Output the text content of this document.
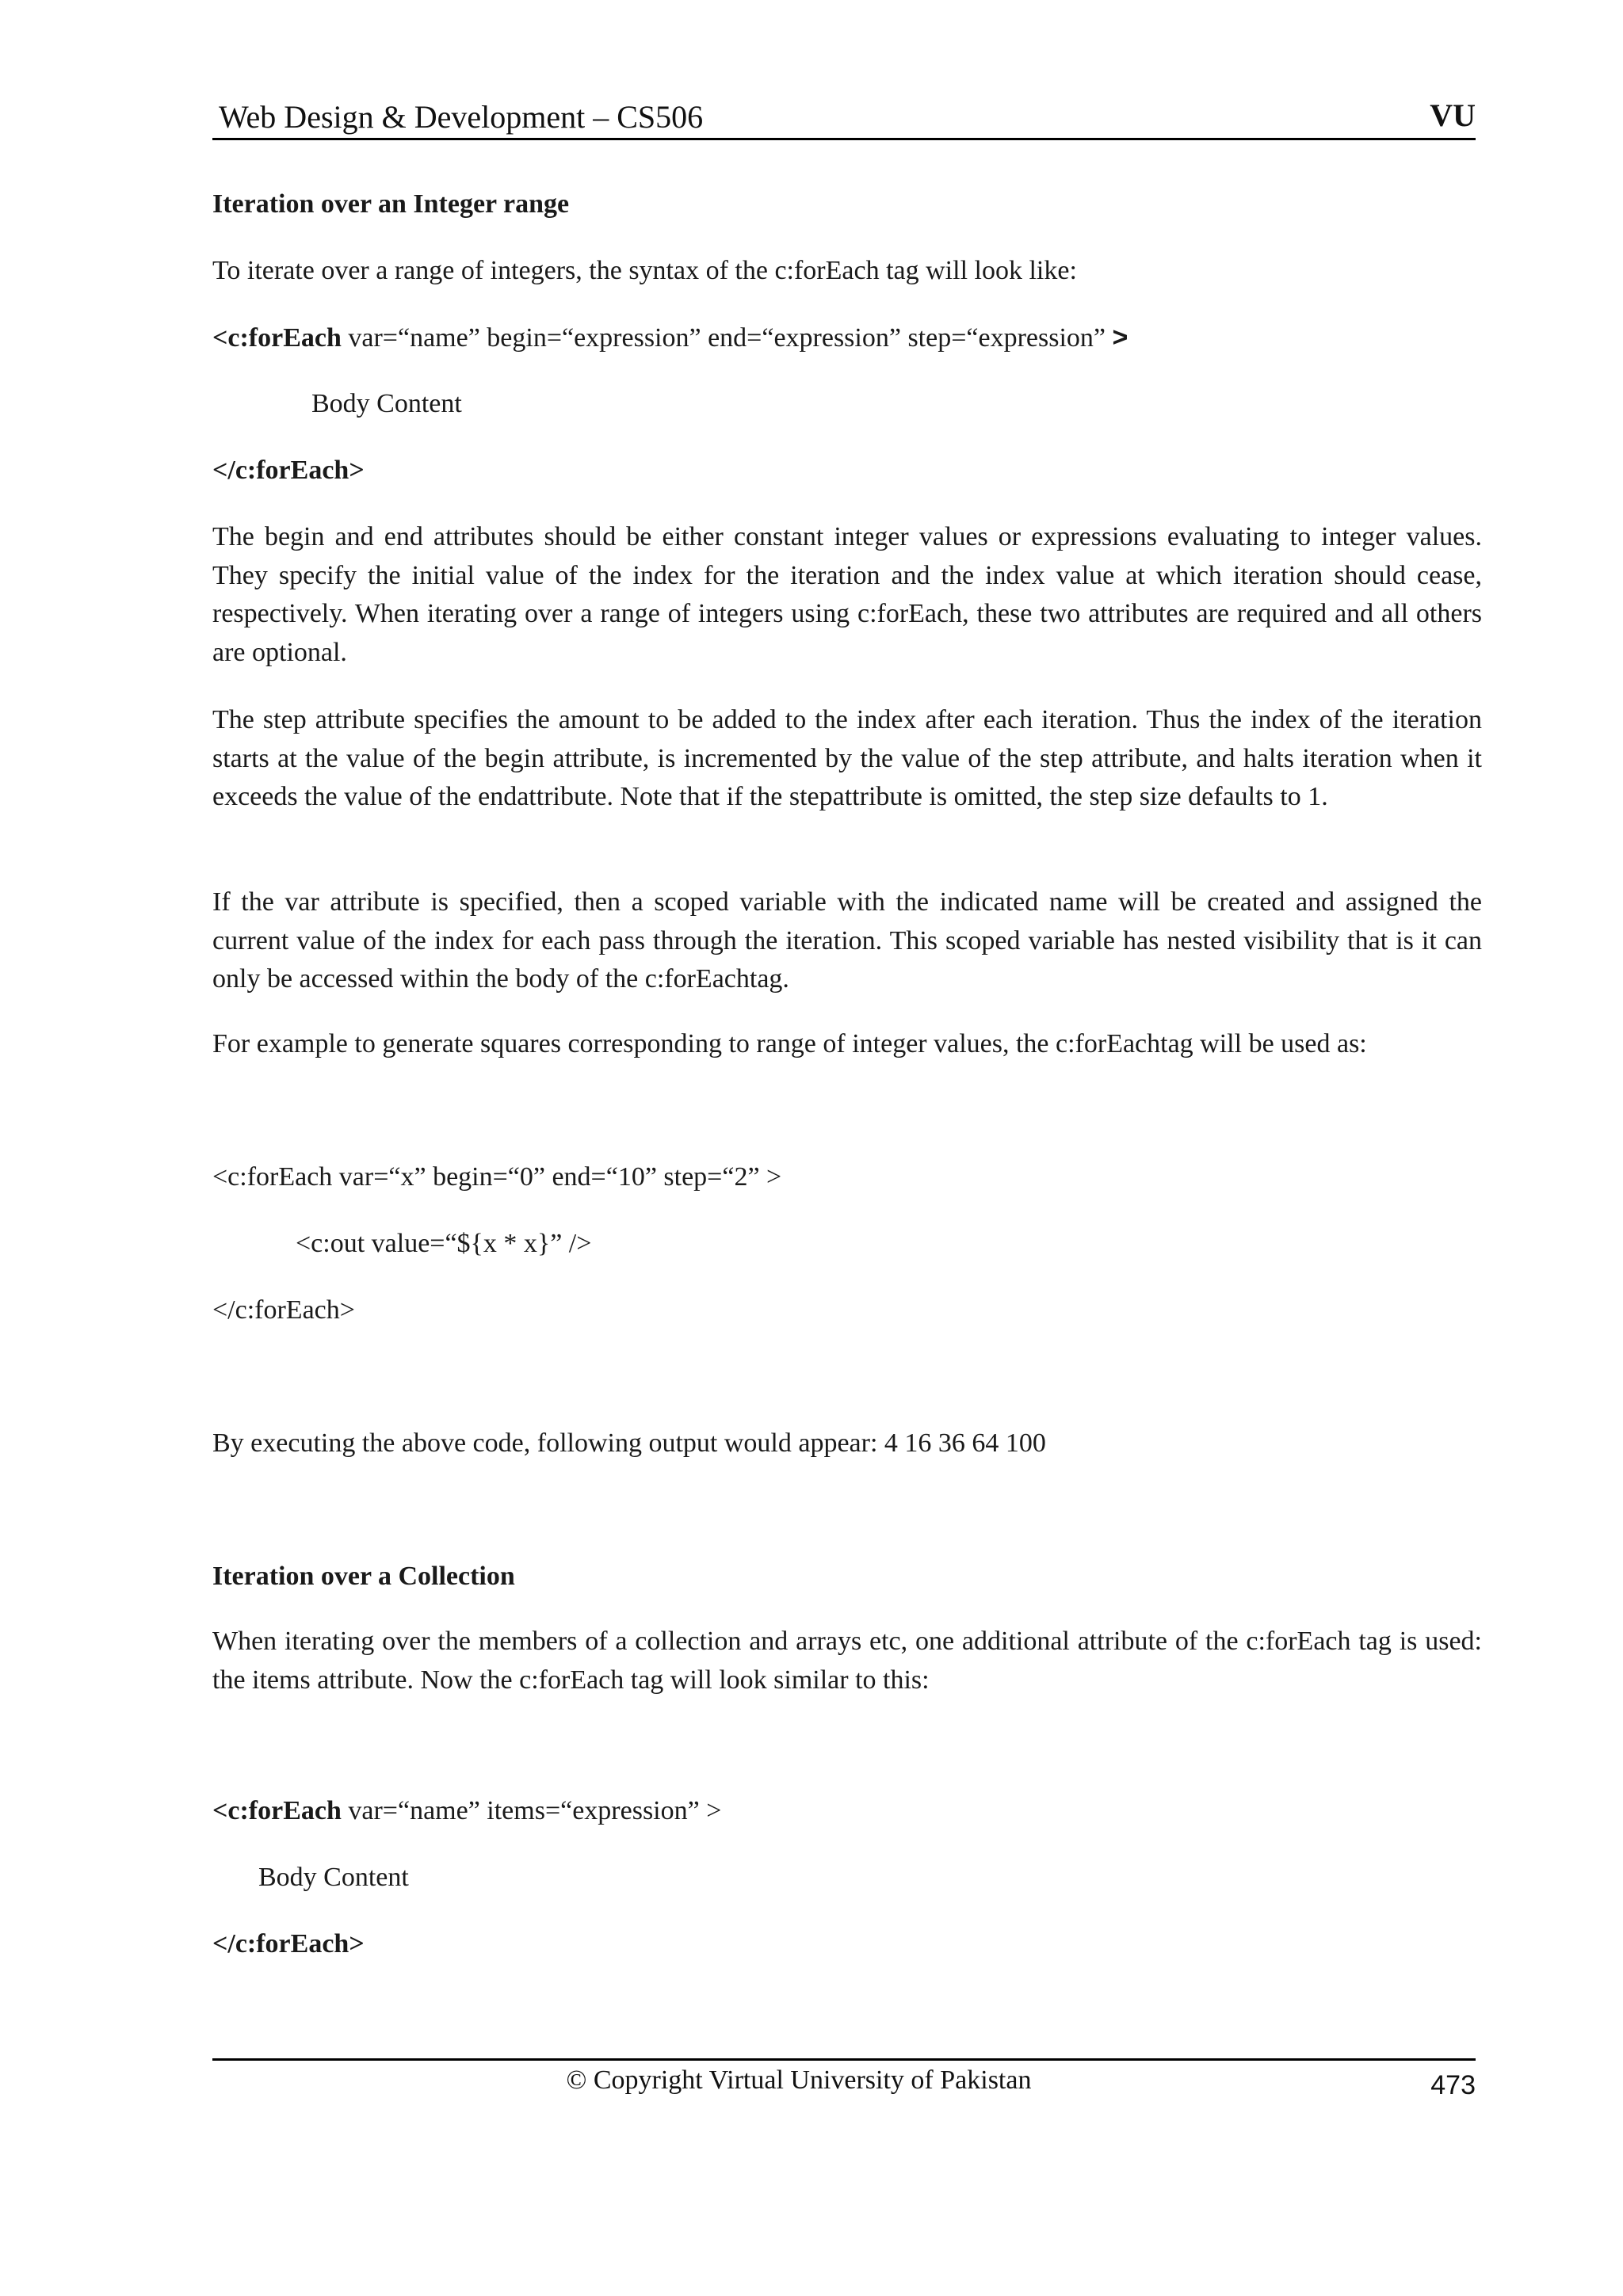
Web Design & Development – CS506	VU

Iteration over an Integer range

To iterate over a range of integers, the syntax of the c:forEach tag will look like:

<c:forEach var=“name” begin=“expression” end=“expression” step=“expression” >

Body Content

</c:forEach>

The begin and end attributes should be either constant integer values or expressions evaluating to integer values. They specify the initial value of the index for the iteration and the index value at which iteration should cease, respectively. When iterating over a range of integers using c:forEach, these two attributes are required and all others are optional.

The step attribute specifies the amount to be added to the index after each iteration. Thus the index of the iteration starts at the value of the begin attribute, is incremented by the value of the step attribute, and halts iteration when it exceeds the value of the endattribute. Note that if the stepattribute is omitted, the step size defaults to 1.

If the var attribute is specified, then a scoped variable with the indicated name will be created and assigned the current value of the index for each pass through the iteration. This scoped variable has nested visibility that is it can only be accessed within the body of the c:forEachtag.

For example to generate squares corresponding to range of integer values, the c:forEachtag will be used as:

<c:forEach var=“x” begin=“0” end=“10” step=“2” >

<c:out value=“${x * x}” />

</c:forEach>

By executing the above code, following output would appear: 4 16 36 64 100

Iteration over a Collection

When iterating over the members of a collection and arrays etc, one additional attribute of the c:forEach tag is used: the items attribute. Now the c:forEach tag will look similar to this:

<c:forEach var=“name” items=“expression” >

Body Content

</c:forEach>

© Copyright Virtual University of Pakistan	473
